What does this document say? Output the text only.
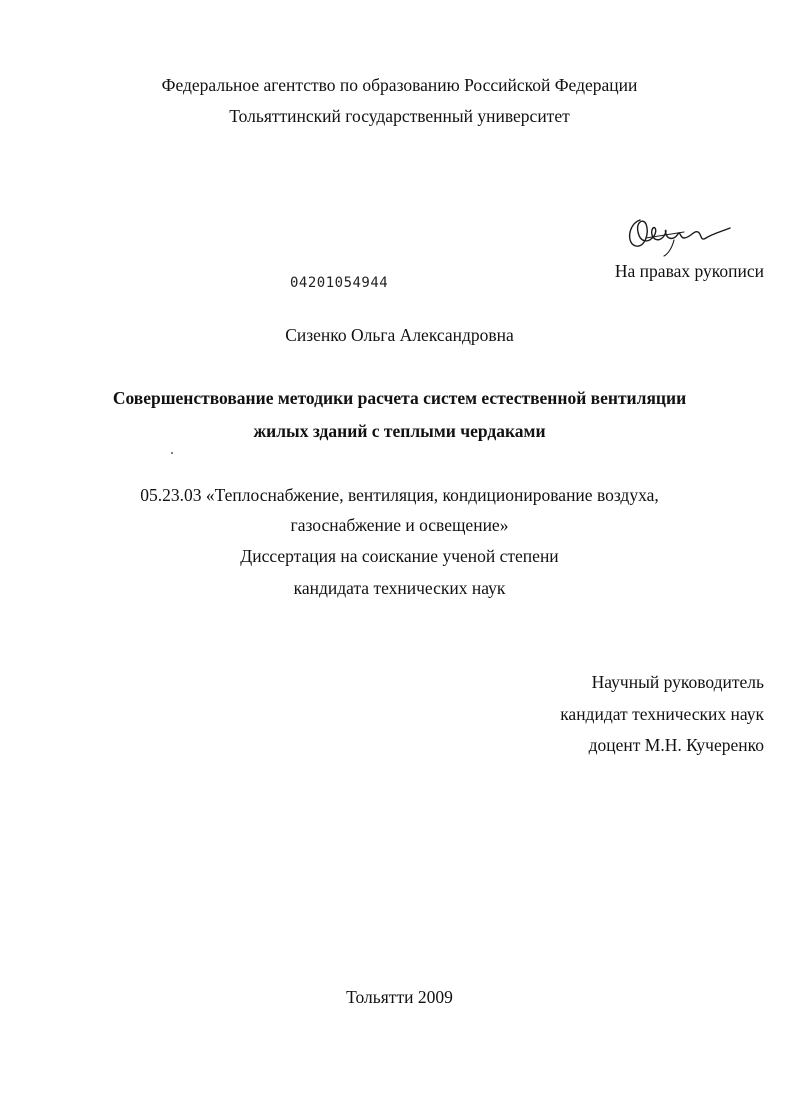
Федеральное агентство по образованию Российской Федерации
Тольяттинский государственный университет
На правах рукописи
04201054944
Сизенко Ольга Александровна
Совершенствование методики расчета систем естественной вентиляции
жилых зданий с теплыми чердаками
05.23.03 «Теплоснабжение, вентиляция, кондиционирование воздуха,
газоснабжение и освещение»
Диссертация на соискание ученой степени
кандидата технических наук
Научный руководитель
кандидат технических наук
доцент М.Н. Кучеренко
Тольятти 2009
